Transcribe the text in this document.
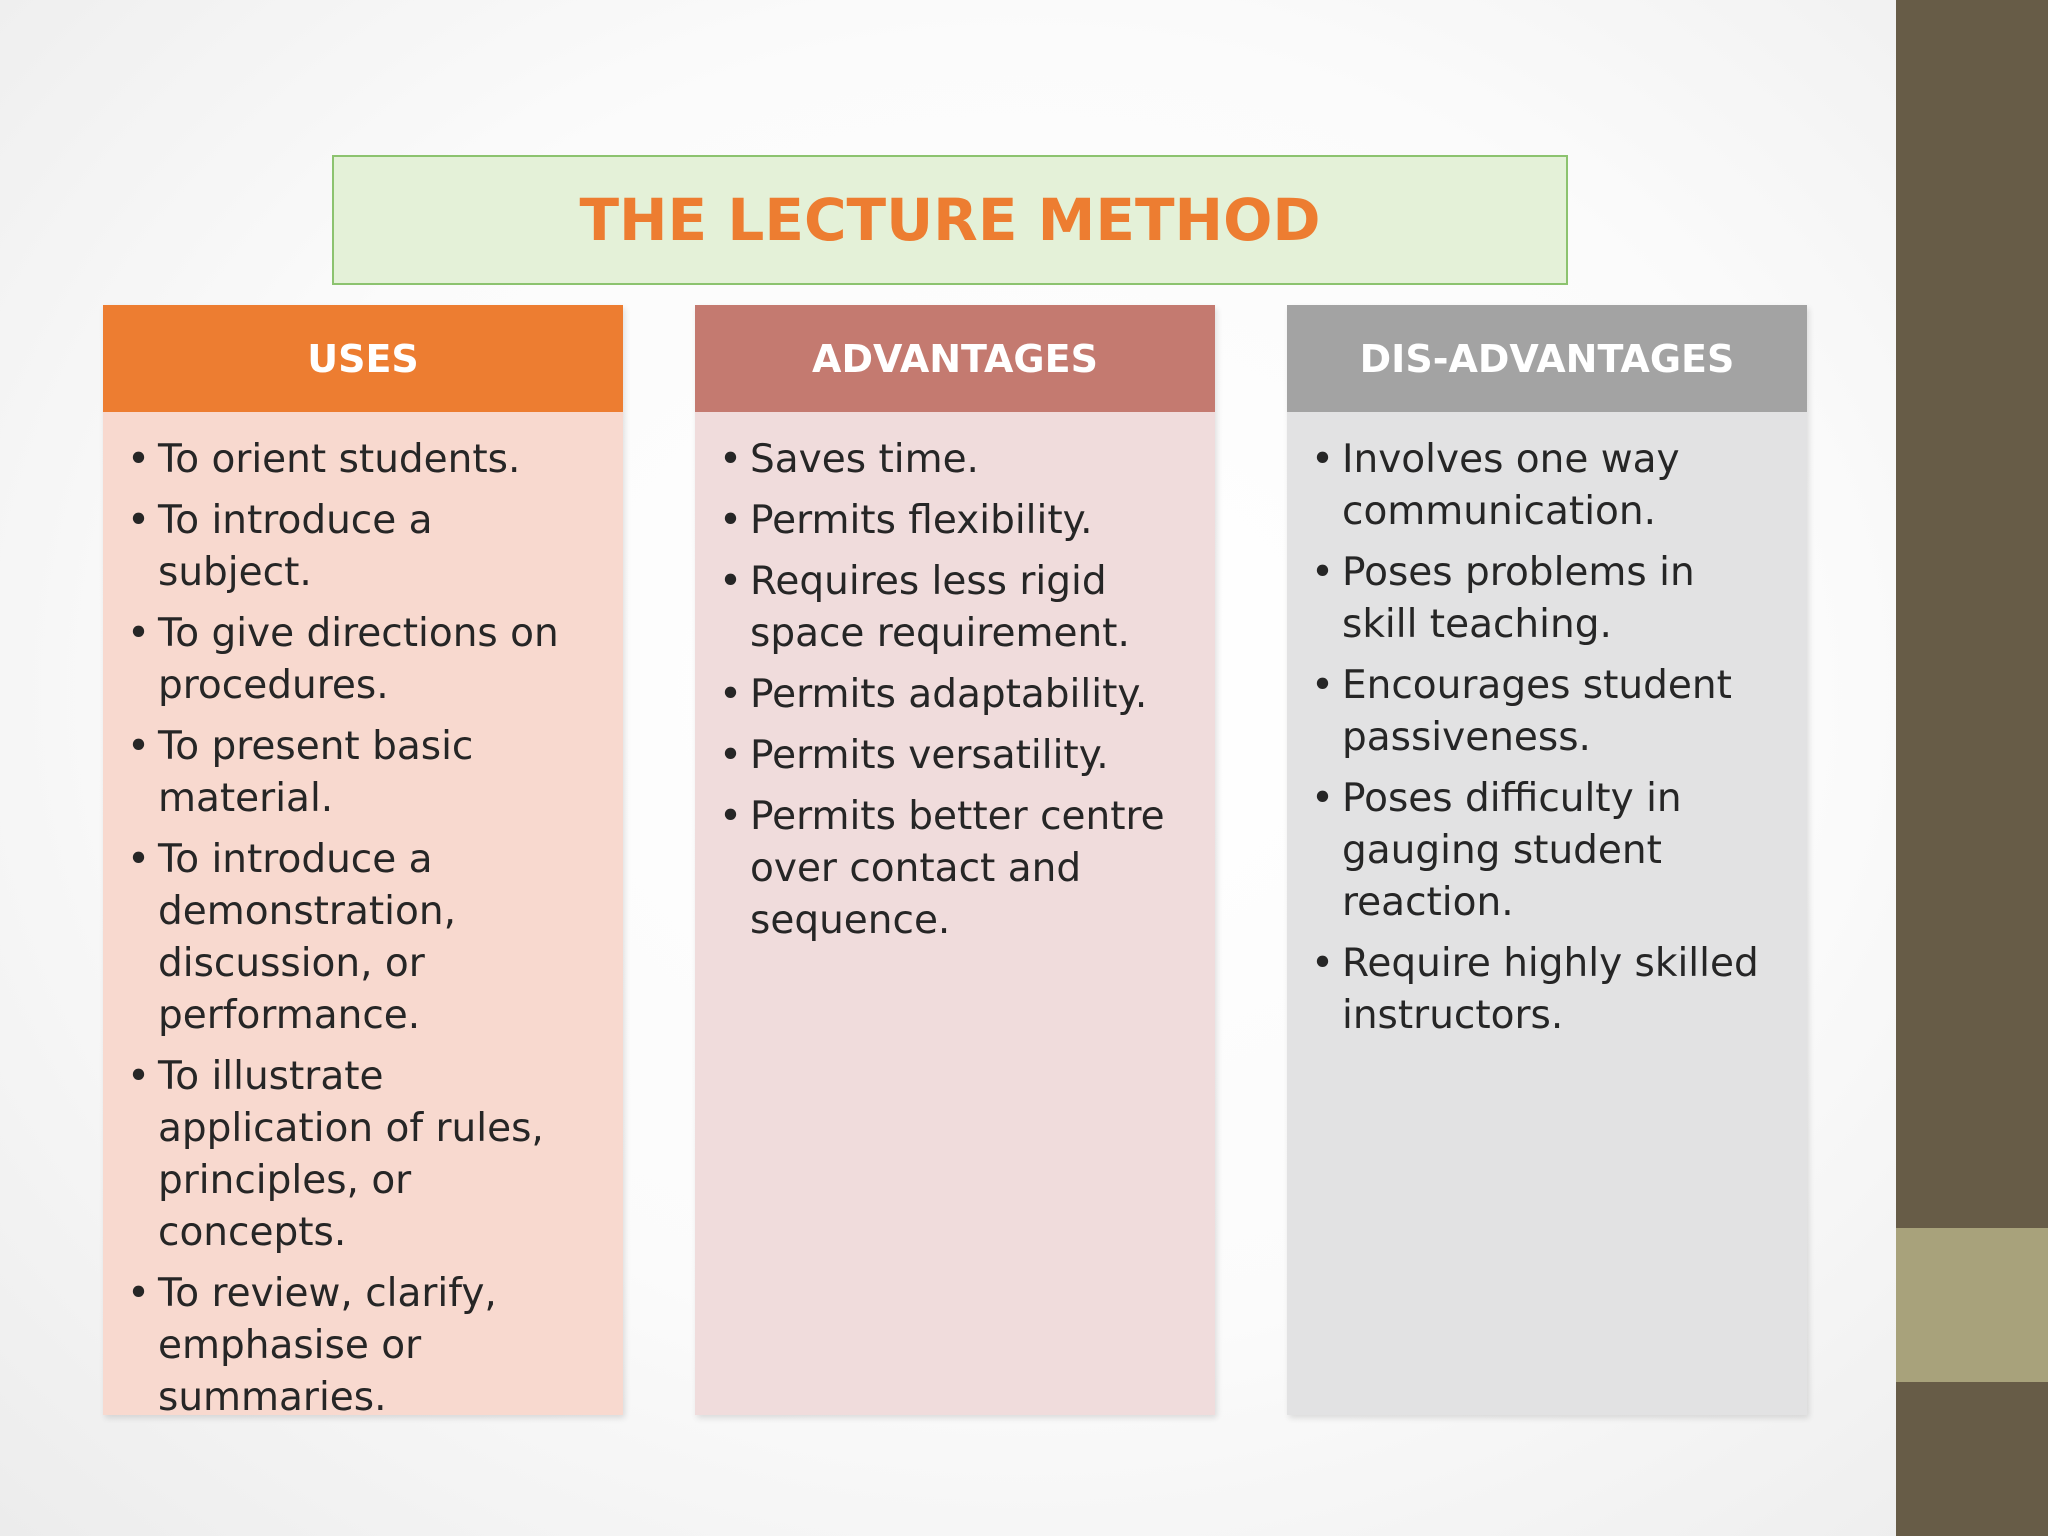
THE LECTURE METHOD
USES
• To orient students.
• To introduce a subject.
• To give directions on procedures.
• To present basic material.
• To introduce a demonstration, discussion, or performance.
• To illustrate application of rules, principles, or concepts.
• To review, clarify, emphasise or summaries.
ADVANTAGES
• Saves time.
• Permits flexibility.
• Requires less rigid space requirement.
• Permits adaptability.
• Permits versatility.
• Permits better centre over contact and sequence.
DIS-ADVANTAGES
• Involves one way communication.
• Poses problems in skill teaching.
• Encourages student passiveness.
• Poses difficulty in gauging student reaction.
• Require highly skilled instructors.
